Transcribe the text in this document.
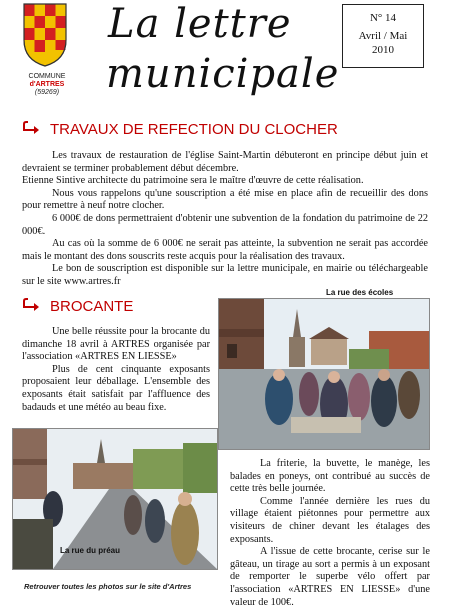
COMMUNE
d'ARTRES
(59269)
La lettre
municipale
N° 14
Avril / Mai
2010
TRAVAUX DE REFECTION DU CLOCHER

Les travaux de restauration de l'église Saint-Martin débuteront en principe début juin et devraient se terminer probablement début décembre.

Etienne Sintive architecte du patrimoine sera le maître d'œuvre de cette réalisation.

Nous vous rappelons qu'une souscription a été mise en place afin de recueillir des dons pour remettre à neuf notre clocher.

6 000€ de dons permettraient d'obtenir une subvention de la fondation du patrimoine de 22 000€.

Au cas où la somme de 6 000€ ne serait pas atteinte, la subvention ne serait pas accordée mais le montant des dons souscrits reste acquis pour la réalisation des travaux.

Le bon de souscription est disponible sur la lettre municipale, en mairie ou téléchargeable sur le site www.artres.fr

BROCANTE

Une belle réussite pour la brocante du dimanche 18 avril à ARTRES organisée par l'association «ARTRES EN LIESSE»

Plus de cent cinquante exposants proposaient leur déballage. L'ensemble des exposants était satisfait par l'affluence des badauds et une météo au beau fixe.

La rue des écoles
La rue du préau

La friterie, la buvette, le manège, les balades en poneys, ont contribué au succès de cette très belle journée.

Comme l'année dernière les rues du village étaient piétonnes pour permettre aux visiteurs de chiner devant les étalages des exposants.

A l'issue de cette brocante, cerise sur le gâteau, un tirage au sort a permis à un exposant de remporter le superbe vélo offert par l'association «ARTRES EN LIESSE» d'une valeur de 100€.

Retrouver toutes les photos sur le site d'Artres
